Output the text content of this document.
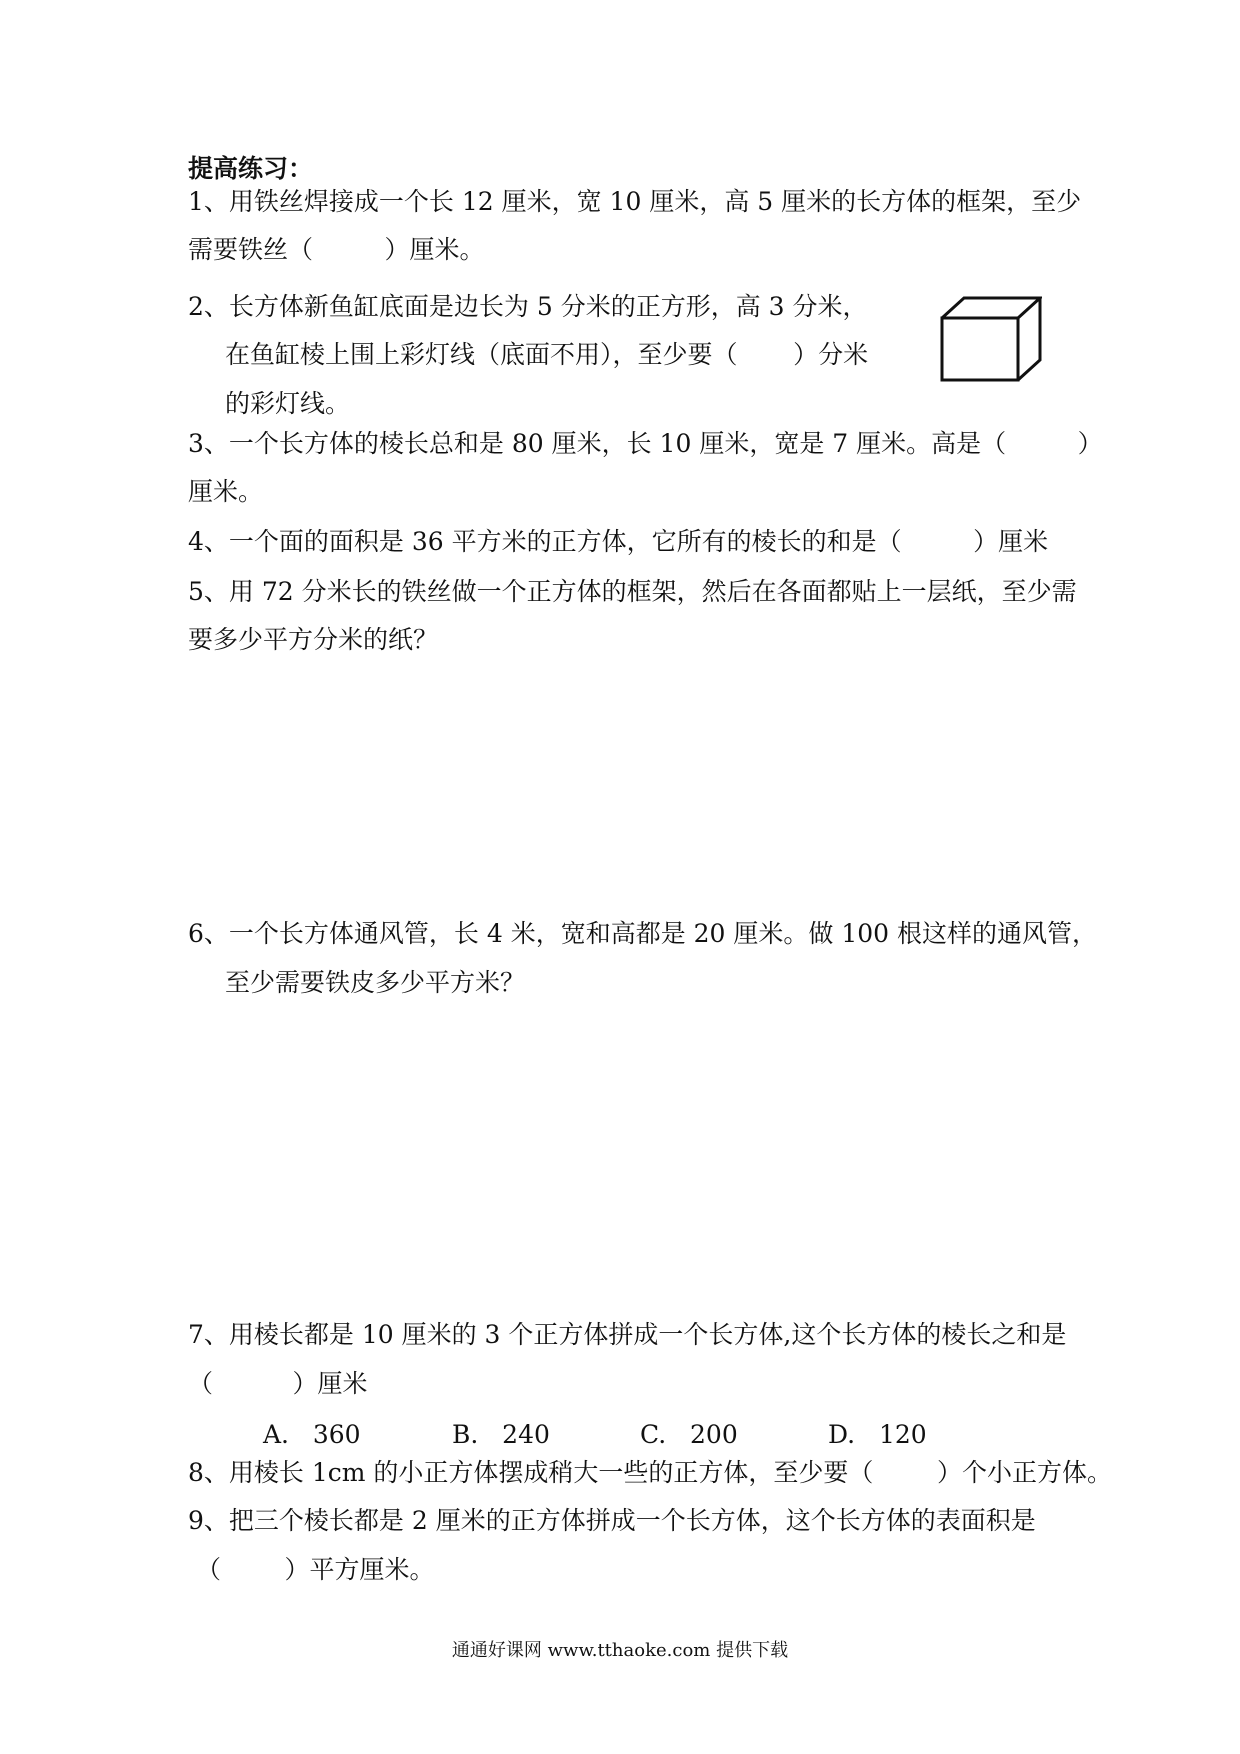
提高练习：
1、用铁丝焊接成一个长 12 厘米，宽 10 厘米，高 5 厘米的长方体的框架，至少
需要铁丝（         ）厘米。
2、长方体新鱼缸底面是边长为 5 分米的正方形，高 3 分米，
在鱼缸棱上围上彩灯线（底面不用），至少要（       ）分米
的彩灯线。
3、一个长方体的棱长总和是 80 厘米，长 10 厘米，宽是 7 厘米。高是（         ）
厘米。
4、一个面的面积是 36 平方米的正方体，它所有的棱长的和是（         ）厘米
5、用 72 分米长的铁丝做一个正方体的框架，然后在各面都贴上一层纸，至少需
要多少平方分米的纸？
6、一个长方体通风管，长 4 米，宽和高都是 20 厘米。做 100 根这样的通风管，
至少需要铁皮多少平方米？
7、用棱长都是 10 厘米的 3 个正方体拼成一个长方体,这个长方体的棱长之和是
（          ）厘米
A.   360	B.   240	C.   200	D.   120
8、用棱长 1cm 的小正方体摆成稍大一些的正方体，至少要（        ）个小正方体。
9、把三个棱长都是 2 厘米的正方体拼成一个长方体，这个长方体的表面积是
（        ）平方厘米。
通通好课网 www.tthaoke.com 提供下载
